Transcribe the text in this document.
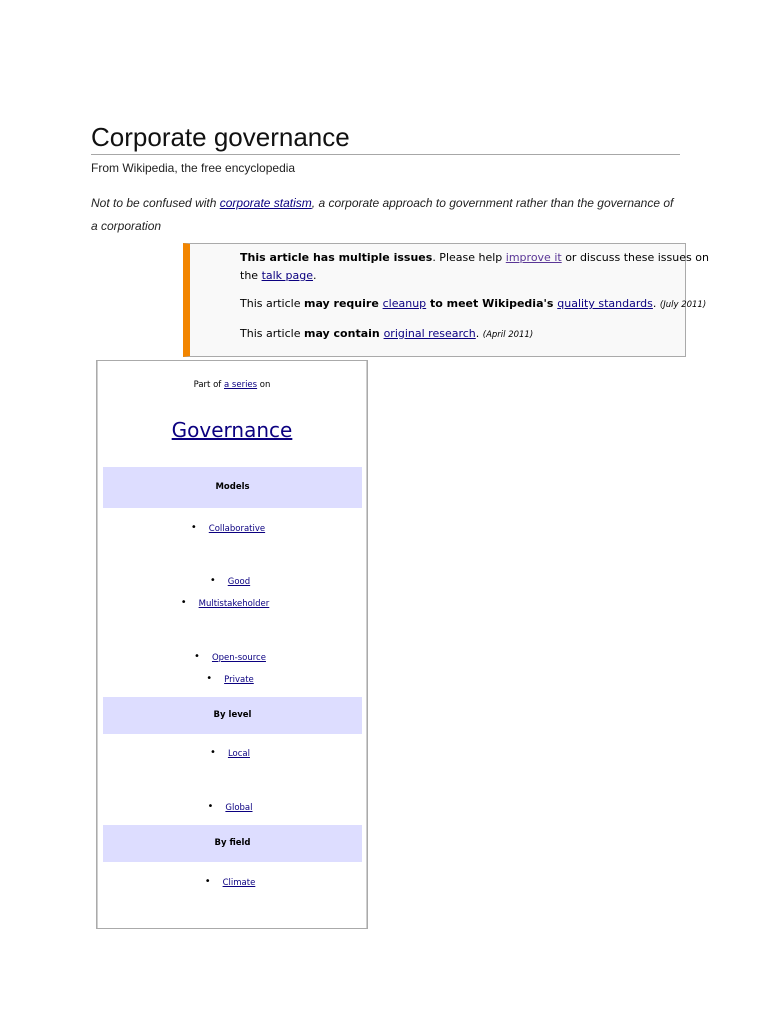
Corporate governance
From Wikipedia, the free encyclopedia
Not to be confused with corporate statism, a corporate approach to government rather than the governance of a corporation
This article has multiple issues. Please help improve it or discuss these issues on
the talk page.
This article may require cleanup to meet Wikipedia's quality standards. (July 2011)
This article may contain original research. (April 2011)
Part of a series on
Governance
Models
• Collaborative
• Good
• Multistakeholder
• Open-source
• Private
By level
• Local
• Global
By field
• Climate
